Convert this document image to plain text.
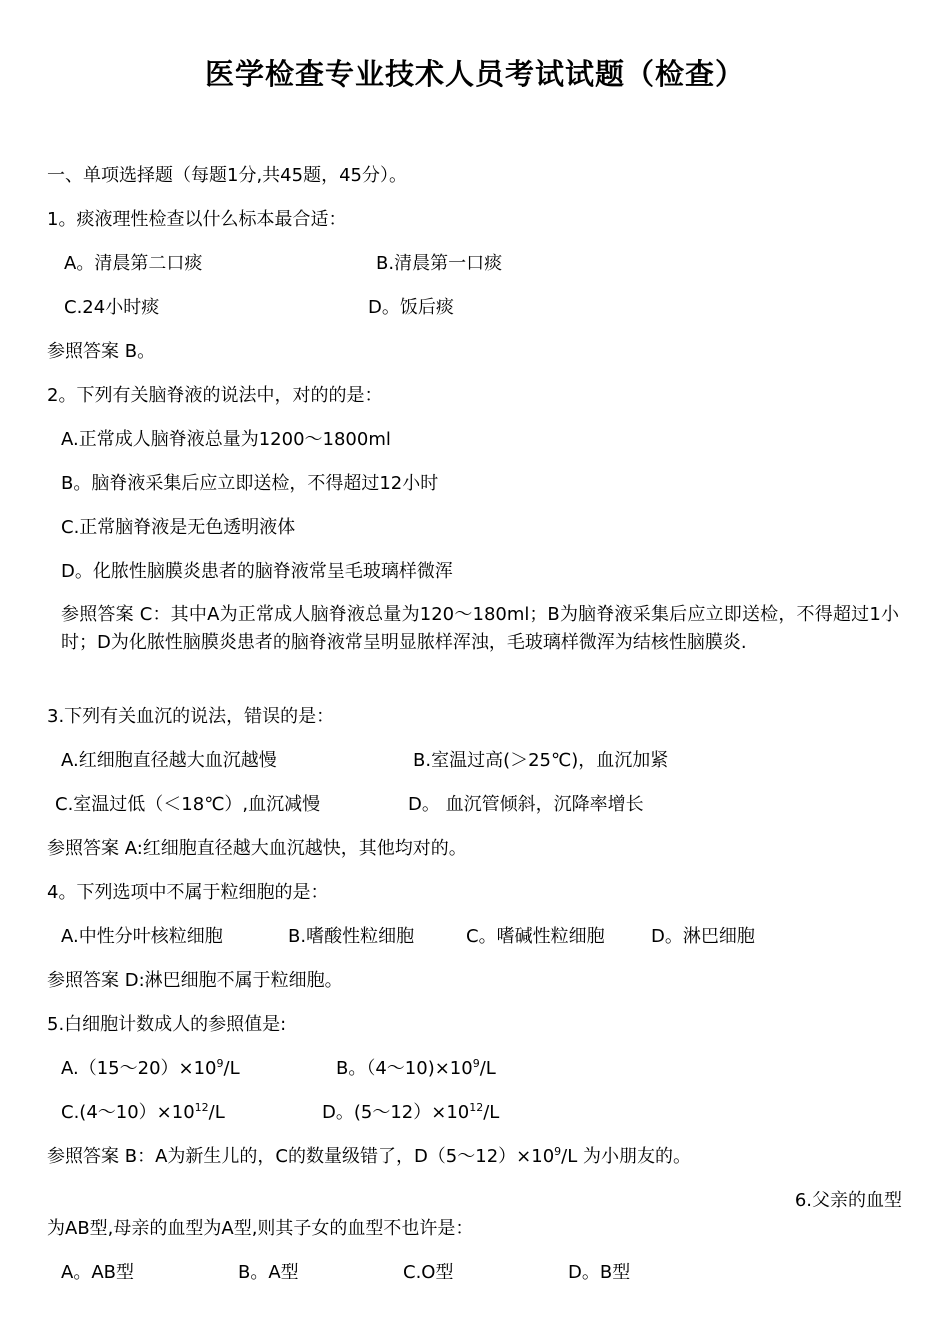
医学检查专业技术人员考试试题（检查）
一、单项选择题（每题1分,共45题，45分）。
1。痰液理性检查以什么标本最合适：
A。清晨第二口痰	B.清晨第一口痰
C.24小时痰	D。饭后痰
参照答案 B。
2。下列有关脑脊液的说法中，对的的是：
A.正常成人脑脊液总量为1200～1800ml
B。脑脊液采集后应立即送检，不得超过12小时
C.正常脑脊液是无色透明液体
D。化脓性脑膜炎患者的脑脊液常呈毛玻璃样微浑
参照答案 C：其中A为正常成人脑脊液总量为120～180ml；B为脑脊液采集后应立即送检，不得超过1小时；D为化脓性脑膜炎患者的脑脊液常呈明显脓样浑浊，毛玻璃样微浑为结核性脑膜炎.
3.下列有关血沉的说法，错误的是：
A.红细胞直径越大血沉越慢	B.室温过高(＞25℃)，血沉加紧
C.室温过低（＜18℃）,血沉减慢	D。 血沉管倾斜，沉降率增长
参照答案 A:红细胞直径越大血沉越快，其他均对的。
4。下列选项中不属于粒细胞的是：
A.中性分叶核粒细胞	B.嗜酸性粒细胞	C。嗜碱性粒细胞	D。淋巴细胞
参照答案 D:淋巴细胞不属于粒细胞。
5.白细胞计数成人的参照值是:
$A.(15\sim 20)\times 10^9/L$	B。$(4\sim 10)\times 10^9/L$
$C.(4\sim 10)\times 10^{12}/L$	D。$(5\sim 12)\times 10^{12}/L$
参照答案 B：A为新生儿的，C的数量级错了，$D(5\sim 12)\times 10^9/L$ 为小朋友的。
6.父亲的血型
为AB型,母亲的血型为A型,则其子女的血型不也许是：
A。AB型	B。A型	C.O型	D。B型
